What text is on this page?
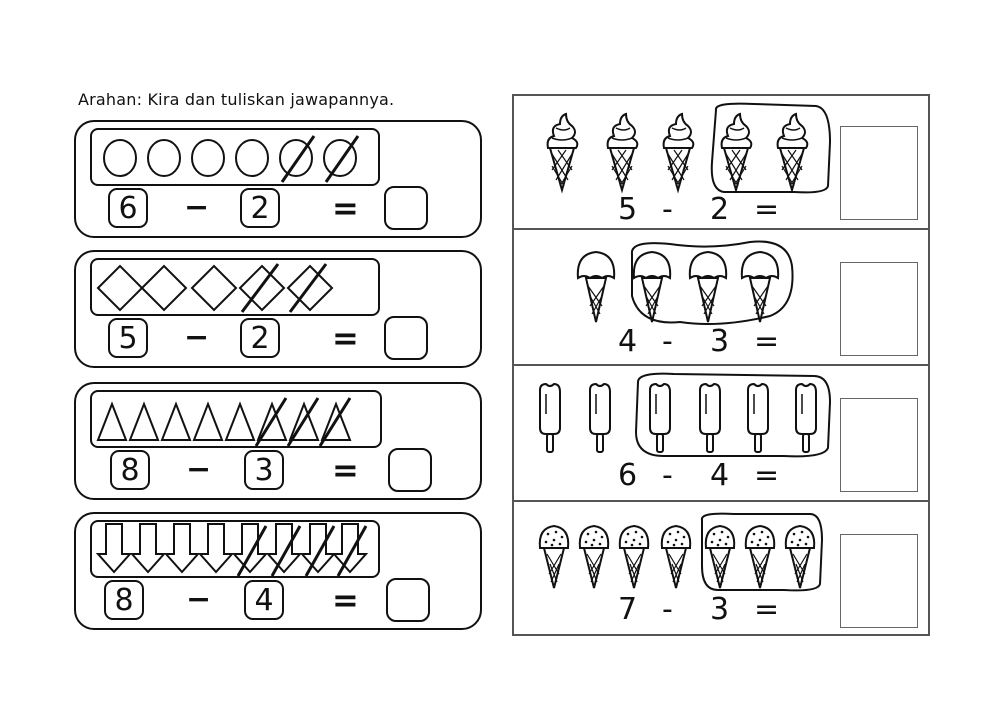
Arahan: Kira dan tuliskan jawapannya.
6	−	2	=
5	−	2	=
8	−	3	=
8	−	4	=
5 - 2 =
4 - 3 =
6 - 4 =
7 - 3 =
